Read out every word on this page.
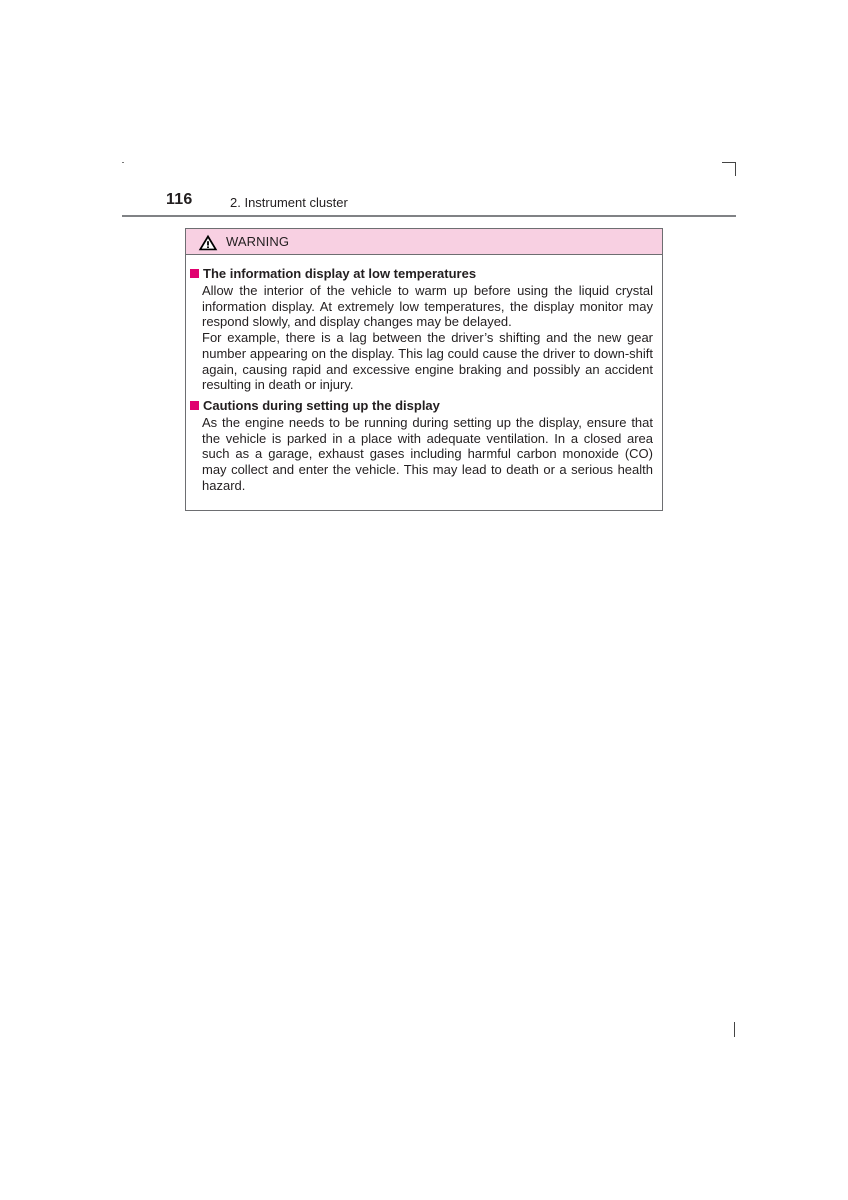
116	2. Instrument cluster
WARNING
The information display at low temperatures

Allow the interior of the vehicle to warm up before using the liquid crystal information display. At extremely low temperatures, the display monitor may respond slowly, and display changes may be delayed.

For example, there is a lag between the driver’s shifting and the new gear number appearing on the display. This lag could cause the driver to down-shift again, causing rapid and excessive engine braking and possibly an accident resulting in death or injury.

Cautions during setting up the display

As the engine needs to be running during setting up the display, ensure that the vehicle is parked in a place with adequate ventilation. In a closed area such as a garage, exhaust gases including harmful carbon monoxide (CO) may collect and enter the vehicle. This may lead to death or a serious health hazard.
